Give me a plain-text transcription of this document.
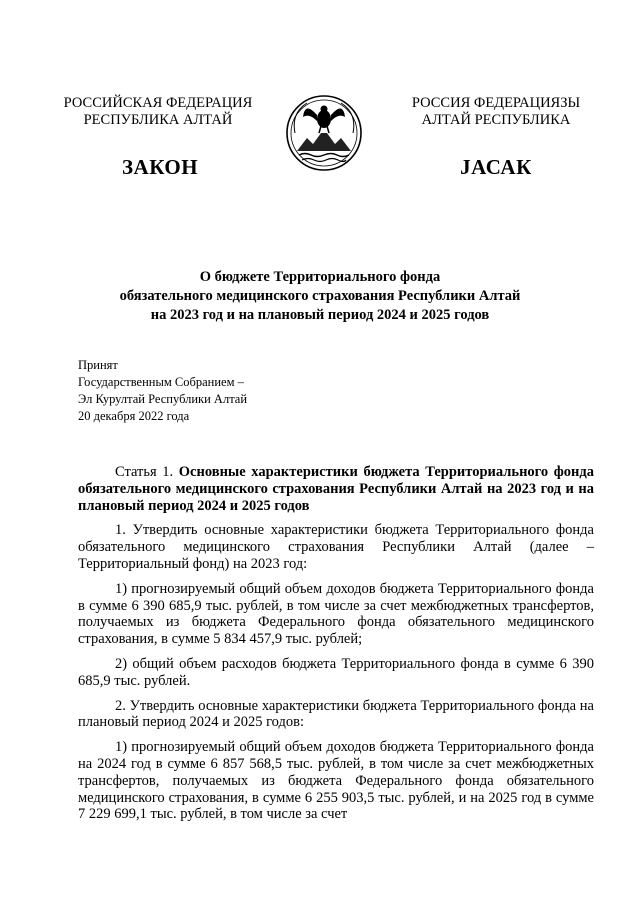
РОССИЙСКАЯ ФЕДЕРАЦИЯ
РЕСПУБЛИКА АЛТАЙ
РОССИЯ ФЕДЕРАЦИЯЗЫ
АЛТАЙ РЕСПУБЛИКА
ЗАКОН	JАСАК
О бюджете Территориального фонда
обязательного медицинского страхования Республики Алтай
на 2023 год и на плановый период 2024 и 2025 годов
Принят
Государственным Собранием –
Эл Курултай Республики Алтай
20 декабря 2022 года

Статья 1. Основные характеристики бюджета Территориального фонда обязательного медицинского страхования Республики Алтай на 2023 год и на плановый период 2024 и 2025 годов

1. Утвердить основные характеристики бюджета Территориального фонда обязательного медицинского страхования Республики Алтай (далее – Территориальный фонд) на 2023 год:

1) прогнозируемый общий объем доходов бюджета Территориального фонда в сумме 6 390 685,9 тыс. рублей, в том числе за счет межбюджетных трансфертов, получаемых из бюджета Федерального фонда обязательного медицинского страхования, в сумме 5 834 457,9 тыс. рублей;

2) общий объем расходов бюджета Территориального фонда в сумме 6 390 685,9 тыс. рублей.

2. Утвердить основные характеристики бюджета Территориального фонда на плановый период 2024 и 2025 годов:

1) прогнозируемый общий объем доходов бюджета Территориального фонда на 2024 год в сумме 6 857 568,5 тыс. рублей, в том числе за счет межбюджетных трансфертов, получаемых из бюджета Федерального фонда обязательного медицинского страхования, в сумме 6 255 903,5 тыс. рублей, и на 2025 год в сумме 7 229 699,1 тыс. рублей, в том числе за счет
